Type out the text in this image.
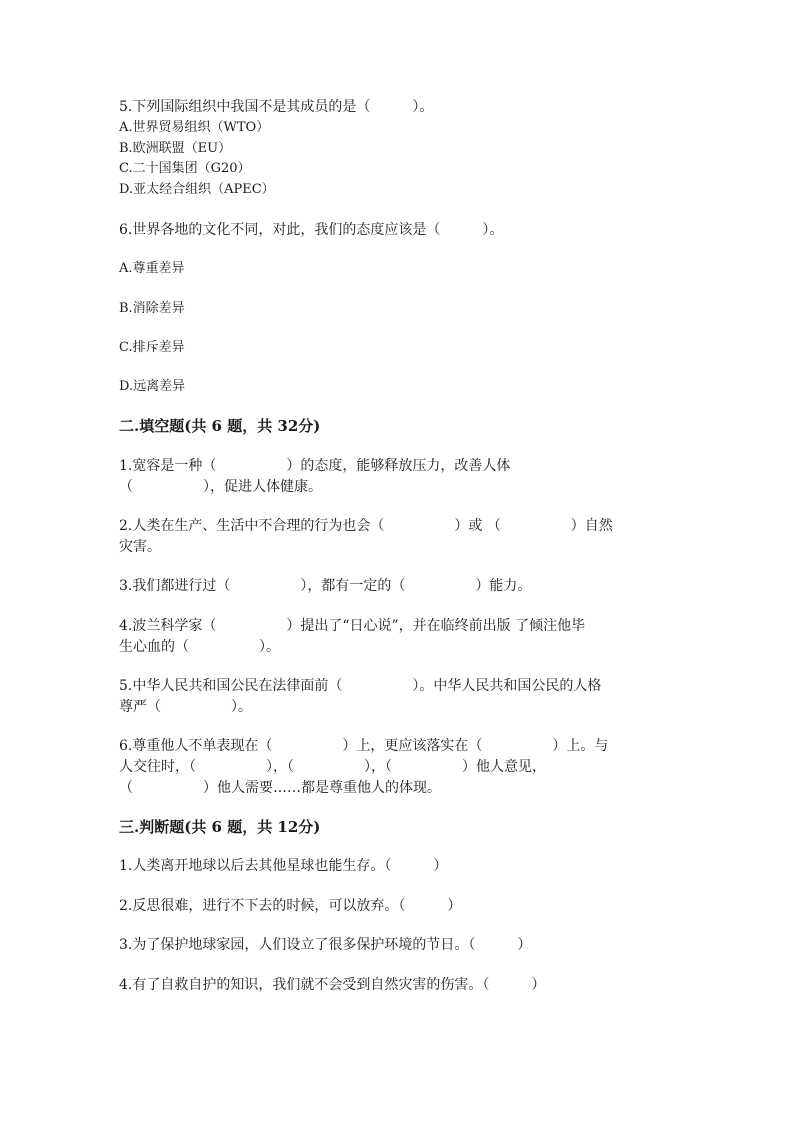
5.下列国际组织中我国不是其成员的是（　　　）。
A.世界贸易组织（WTO）
B.欧洲联盟（EU）
C.二十国集团（G20）
D.亚太经合组织（APEC）
6.世界各地的文化不同，对此，我们的态度应该是（　　　）。
A.尊重差异
B.消除差异
C.排斥差异
D.远离差异
二.填空题(共 6 题，共 32分)
1.宽容是一种（　　　　　）的态度，能够释放压力，改善人体
（　　　　　），促进人体健康。
2.人类在生产、生活中不合理的行为也会（　　　　　）或 （　　　　　）自然
灾害。
3.我们都进行过（　　　　　），都有一定的（　　　　　）能力。
4.波兰科学家（　　　　　）提出了“日心说”，并在临终前出版 了倾注他毕
生心血的（　　　　　）。
5.中华人民共和国公民在法律面前（　　　　　）。中华人民共和国公民的人格
尊严（　　　　　）。
6.尊重他人不单表现在（　　　　　）上，更应该落实在（　　　　　）上。与
人交往时，（　　　　　），（　　　　　），（　　　　　）他人意见，
（　　　　　）他人需要……都是尊重他人的体现。
三.判断题(共 6 题，共 12分)
1.人类离开地球以后去其他星球也能生存。（　　　）
2.反思很难，进行不下去的时候，可以放弃。（　　　）
3.为了保护地球家园，人们设立了很多保护环境的节日。（　　　）
4.有了自救自护的知识，我们就不会受到自然灾害的伤害。（　　　）
